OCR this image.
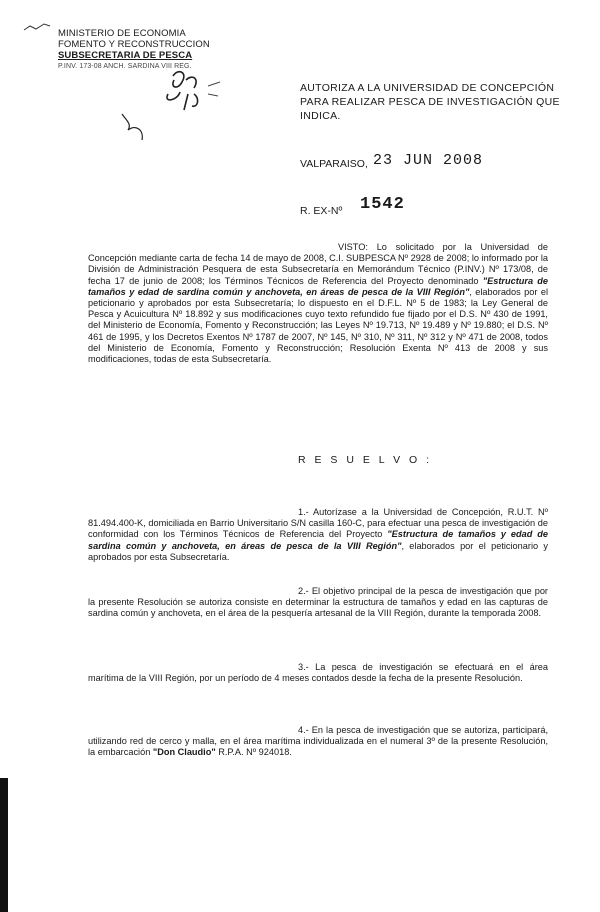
MINISTERIO DE ECONOMIA
FOMENTO Y RECONSTRUCCION
SUBSECRETARIA DE PESCA
P.INV. 173-08 ANCH. SARDINA VIII REG.
AUTORIZA A LA UNIVERSIDAD DE CONCEPCIÓN PARA REALIZAR PESCA DE INVESTIGACIÓN QUE INDICA.
VALPARAISO, 23 JUN 2008
R. EX-Nº 1542
VISTO: Lo solicitado por la Universidad de Concepción mediante carta de fecha 14 de mayo de 2008, C.I. SUBPESCA Nº 2928 de 2008; lo informado por la División de Administración Pesquera de esta Subsecretaría en Memorándum Técnico (P.INV.) Nº 173/08, de fecha 17 de junio de 2008; los Términos Técnicos de Referencia del Proyecto denominado "Estructura de tamaños y edad de sardina común y anchoveta, en áreas de pesca de la VIII Región", elaborados por el peticionario y aprobados por esta Subsecretaría; lo dispuesto en el D.F.L. Nº 5 de 1983; la Ley General de Pesca y Acuicultura Nº 18.892 y sus modificaciones cuyo texto refundido fue fijado por el D.S. Nº 430 de 1991, del Ministerio de Economía, Fomento y Reconstrucción; las Leyes Nº 19.713, Nº 19.489 y Nº 19.880; el D.S. Nº 461 de 1995, y los Decretos Exentos Nº 1787 de 2007, Nº 145, Nº 310, Nº 311, Nº 312 y Nº 471 de 2008, todos del Ministerio de Economía, Fomento y Reconstrucción; Resolución Exenta Nº 413 de 2008 y sus modificaciones, todas de esta Subsecretaría.
R E S U E L V O :
1.- Autorízase a la Universidad de Concepción, R.U.T. Nº 81.494.400-K, domiciliada en Barrio Universitario S/N casilla 160-C, para efectuar una pesca de investigación de conformidad con los Términos Técnicos de Referencia del Proyecto "Estructura de tamaños y edad de sardina común y anchoveta, en áreas de pesca de la VIII Región", elaborados por el peticionario y aprobados por esta Subsecretaría.
2.- El objetivo principal de la pesca de investigación que por la presente Resolución se autoriza consiste en determinar la estructura de tamaños y edad en las capturas de sardina común y anchoveta, en el área de la pesquería artesanal de la VIII Región, durante la temporada 2008.
3.- La pesca de investigación se efectuará en el área marítima de la VIII Región, por un período de 4 meses contados desde la fecha de la presente Resolución.
4.- En la pesca de investigación que se autoriza, participará, utilizando red de cerco y malla, en el área marítima individualizada en el numeral 3º de la presente Resolución, la embarcación "Don Claudio" R.P.A. Nº 924018.
